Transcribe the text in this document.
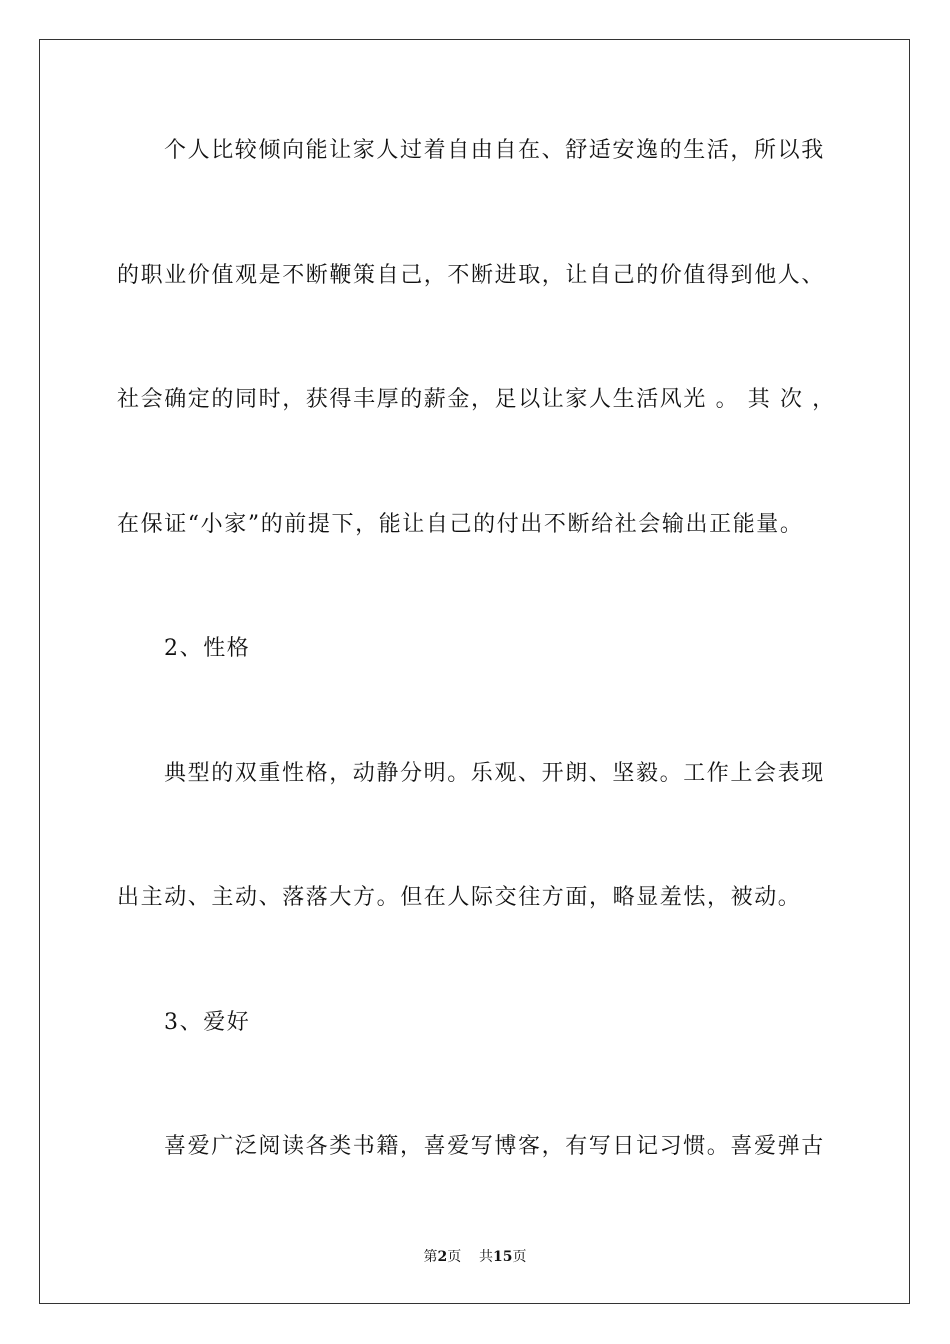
个人比较倾向能让家人过着自由自在、舒适安逸的生活，所以我
的职业价值观是不断鞭策自己，不断进取，让自己的价值得到他人、
社会确定的同时，获得丰厚的薪金，足以让家人生活风光 。 其 次 ，
在保证“小家”的前提下，能让自己的付出不断给社会输出正能量。
2、性格
典型的双重性格，动静分明。乐观、开朗、坚毅。工作上会表现
出主动、主动、落落大方。但在人际交往方面，略显羞怯，被动。
3、爱好
喜爱广泛阅读各类书籍，喜爱写博客，有写日记习惯。喜爱弹古
第2页 共15页
